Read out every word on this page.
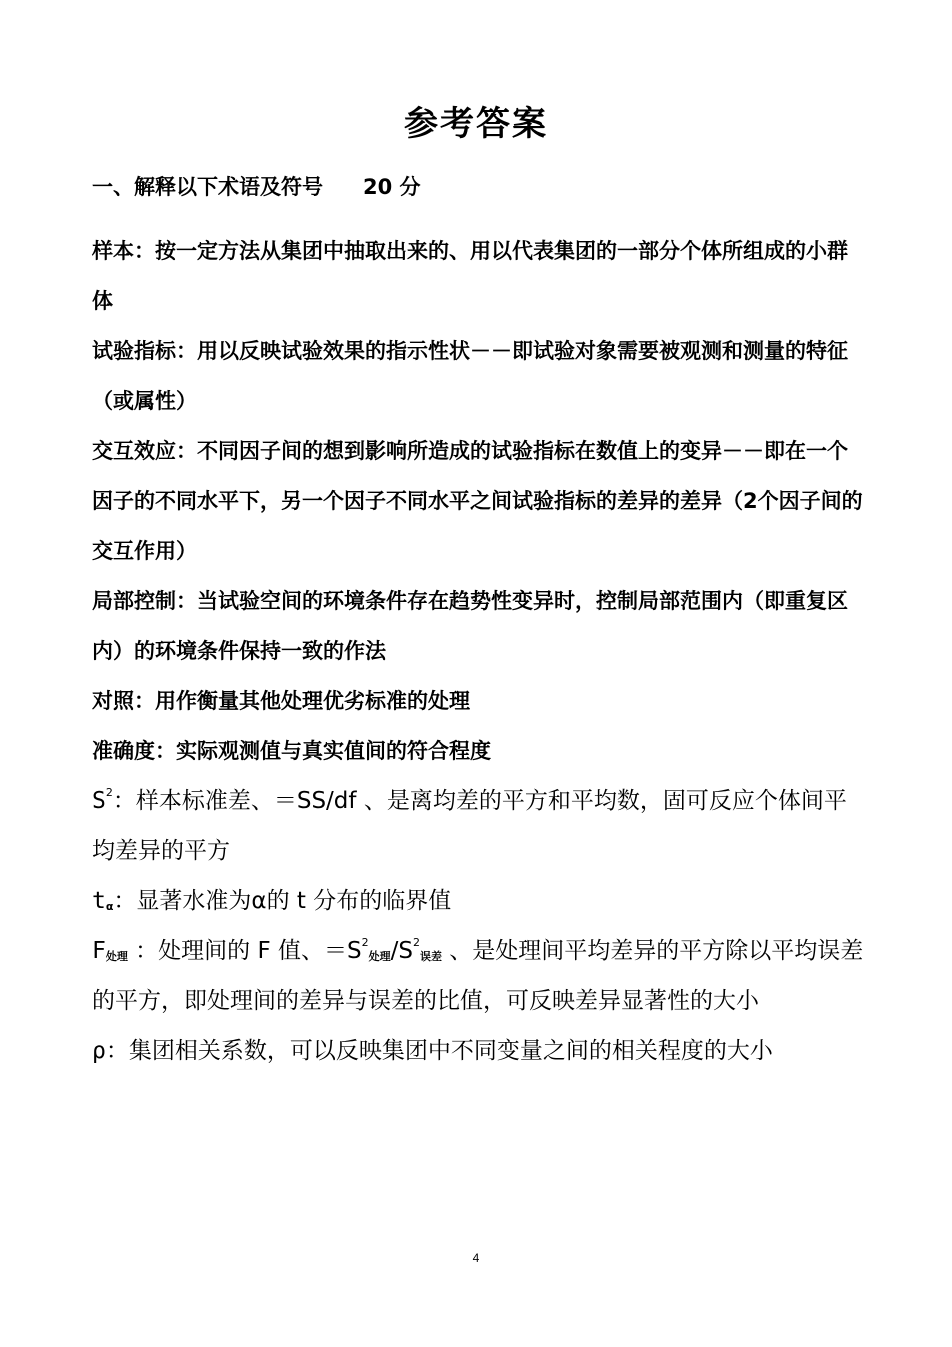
参考答案
一、解释以下术语及符号 20 分

样本：按一定方法从集团中抽取出来的、用以代表集团的一部分个体所组成的小群体

试验指标：用以反映试验效果的指示性状－－即试验对象需要被观测和测量的特征（或属性）

交互效应：不同因子间的想到影响所造成的试验指标在数值上的变异－－即在一个因子的不同水平下，另一个因子不同水平之间试验指标的差异的差异（2个因子间的交互作用）

局部控制：当试验空间的环境条件存在趋势性变异时，控制局部范围内（即重复区内）的环境条件保持一致的作法

对照：用作衡量其他处理优劣标准的处理

准确度：实际观测值与真实值间的符合程度

$S^2$：样本标准差、＝SS/df 、是离均差的平方和平均数，固可反应个体间平均差异的平方

$t_\alpha$：显著水准为α的 t 分布的临界值

$F_{处理}$ ：处理间的 F 值、$=S^2_{处理}/S^2_{误差}$ 、是处理间平均差异的平方除以平均误差的平方，即处理间的差异与误差的比值，可反映差异显著性的大小

ρ：集团相关系数，可以反映集团中不同变量之间的相关程度的大小

4
